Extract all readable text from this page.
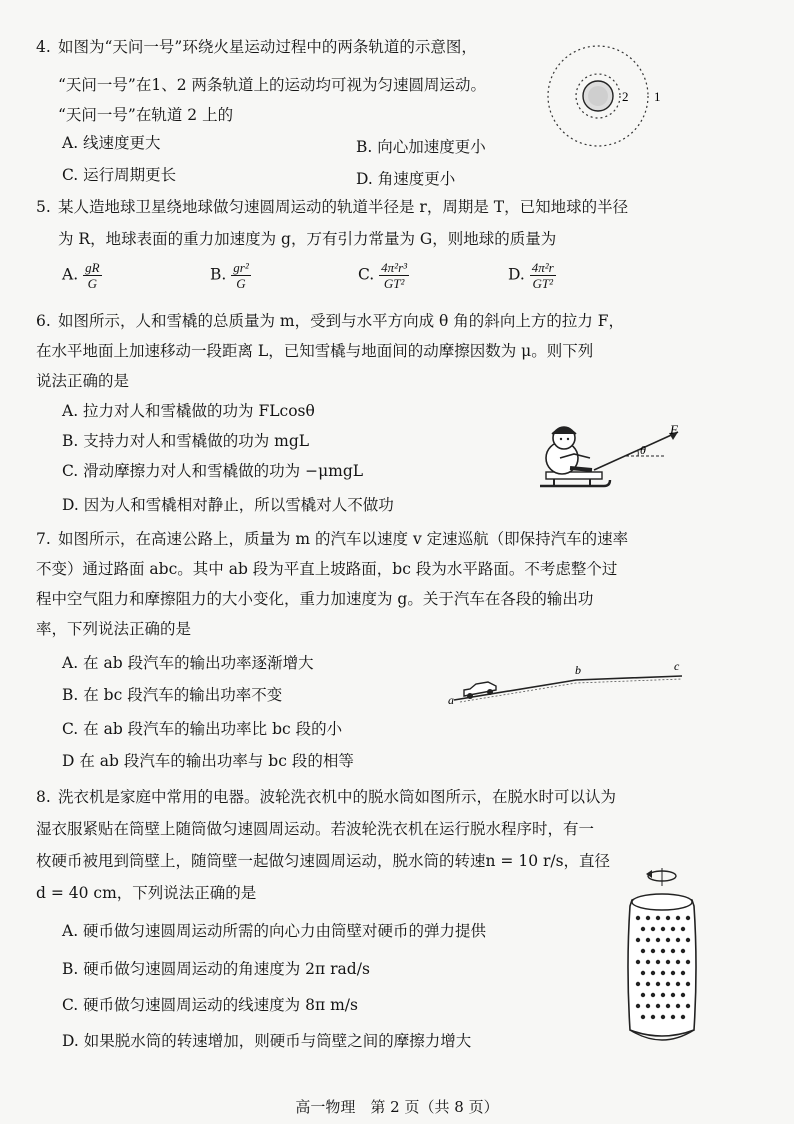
4. 如图为“天问一号”环绕火星运动过程中的两条轨道的示意图，
“天问一号”在1、2 两条轨道上的运动均可视为匀速圆周运动。
“天问一号”在轨道 2 上的
A. 线速度更大	B. 向心加速度更小
C. 运行周期更长	D. 角速度更小
2 1
5. 某人造地球卫星绕地球做匀速圆周运动的轨道半径是 r，周期是 T，已知地球的半径
为 R，地球表面的重力加速度为 g，万有引力常量为 G，则地球的质量为
A. $\frac{gR}{G}$	B. $\frac{\text{gr²}}{G}$	C. $\frac{\text{4π²r³}}{\text{GT²}}$	D. $\frac{\text{4π²r}}{\text{GT²}}$
6. 如图所示，人和雪橇的总质量为 m，受到与水平方向成 θ 角的斜向上方的拉力 F，
在水平地面上加速移动一段距离 L，已知雪橇与地面间的动摩擦因数为 μ。则下列
说法正确的是
A. 拉力对人和雪橇做的功为 FLcosθ
B. 支持力对人和雪橇做的功为 mgL
C. 滑动摩擦力对人和雪橇做的功为 −μmgL
D. 因为人和雪橇相对静止，所以雪橇对人不做功
F
θ
7. 如图所示，在高速公路上，质量为 m 的汽车以速度 v 定速巡航（即保持汽车的速率
不变）通过路面 abc。其中 ab 段为平直上坡路面，bc 段为水平路面。不考虑整个过
程中空气阻力和摩擦阻力的大小变化，重力加速度为 g。关于汽车在各段的输出功
率，下列说法正确的是
A. 在 ab 段汽车的输出功率逐渐增大
B. 在 bc 段汽车的输出功率不变
C. 在 ab 段汽车的输出功率比 bc 段的小
D 在 ab 段汽车的输出功率与 bc 段的相等
a
b	c
8. 洗衣机是家庭中常用的电器。波轮洗衣机中的脱水筒如图所示，在脱水时可以认为
湿衣服紧贴在筒壁上随筒做匀速圆周运动。若波轮洗衣机在运行脱水程序时，有一
枚硬币被甩到筒壁上，随筒壁一起做匀速圆周运动，脱水筒的转速n = 10 r/s，直径
d = 40 cm，下列说法正确的是
A. 硬币做匀速圆周运动所需的向心力由筒壁对硬币的弹力提供
B. 硬币做匀速圆周运动的角速度为 2π rad/s
C. 硬币做匀速圆周运动的线速度为 8π m/s
D. 如果脱水筒的转速增加，则硬币与筒壁之间的摩擦力增大
高一物理　第 2 页（共 8 页）
